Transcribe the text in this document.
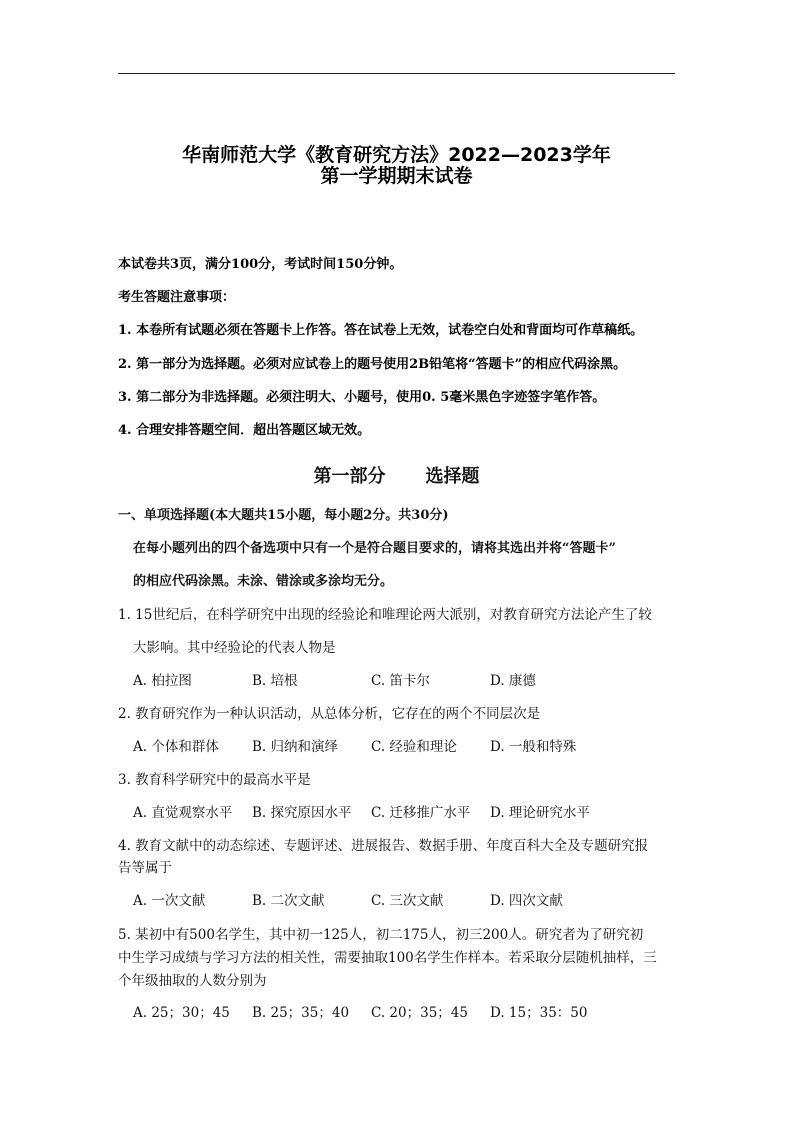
华南师范大学《教育研究方法》2022—2023学年
第一学期期末试卷
本试卷共3页，满分100分，考试时间150分钟。
考生答题注意事项：
1. 本卷所有试题必须在答题卡上作答。答在试卷上无效，试卷空白处和背面均可作草稿纸。
2. 第一部分为选择题。必须对应试卷上的题号使用2B铅笔将“答题卡”的相应代码涂黑。
3. 第二部分为非选择题。必须注明大、小题号，使用0. 5毫米黑色字迹签字笔作答。
4. 合理安排答题空间．超出答题区域无效。
第一部分 选择题
一、单项选择题(本大题共15小题，每小题2分。共30分)
在每小题列出的四个备选项中只有一个是符合题目要求的，请将其选出并将“答题卡”
的相应代码涂黑。未涂、错涂或多涂均无分。
1. 15世纪后，在科学研究中出现的经验论和唯理论两大派别，对教育研究方法论产生了较
大影响。其中经验论的代表人物是
A. 柏拉图	B. 培根	C. 笛卡尔	D. 康德
2. 教育研究作为一种认识活动，从总体分析，它存在的两个不同层次是
A. 个体和群体 B. 归纳和演绎 C. 经验和理论 D. 一般和特殊
3. 教育科学研究中的最高水平是
A. 直觉观察水平 B. 探究原因水平 C. 迁移推广水平 D. 理论研究水平
4. 教育文献中的动态综述、专题评述、进展报告、数据手册、年度百科大全及专题研究报
告等属于
A. 一次文献	B. 二次文献	C. 三次文献	D. 四次文献
5. 某初中有500名学生，其中初一125人，初二175人，初三200人。研究者为了研究初
中生学习成绩与学习方法的相关性，需要抽取100名学生作样本。若采取分层随机抽样，三
个年级抽取的人数分别为
A. 25；30；45 B. 25；35；40 C. 20；35；45 D. 15；35：50
